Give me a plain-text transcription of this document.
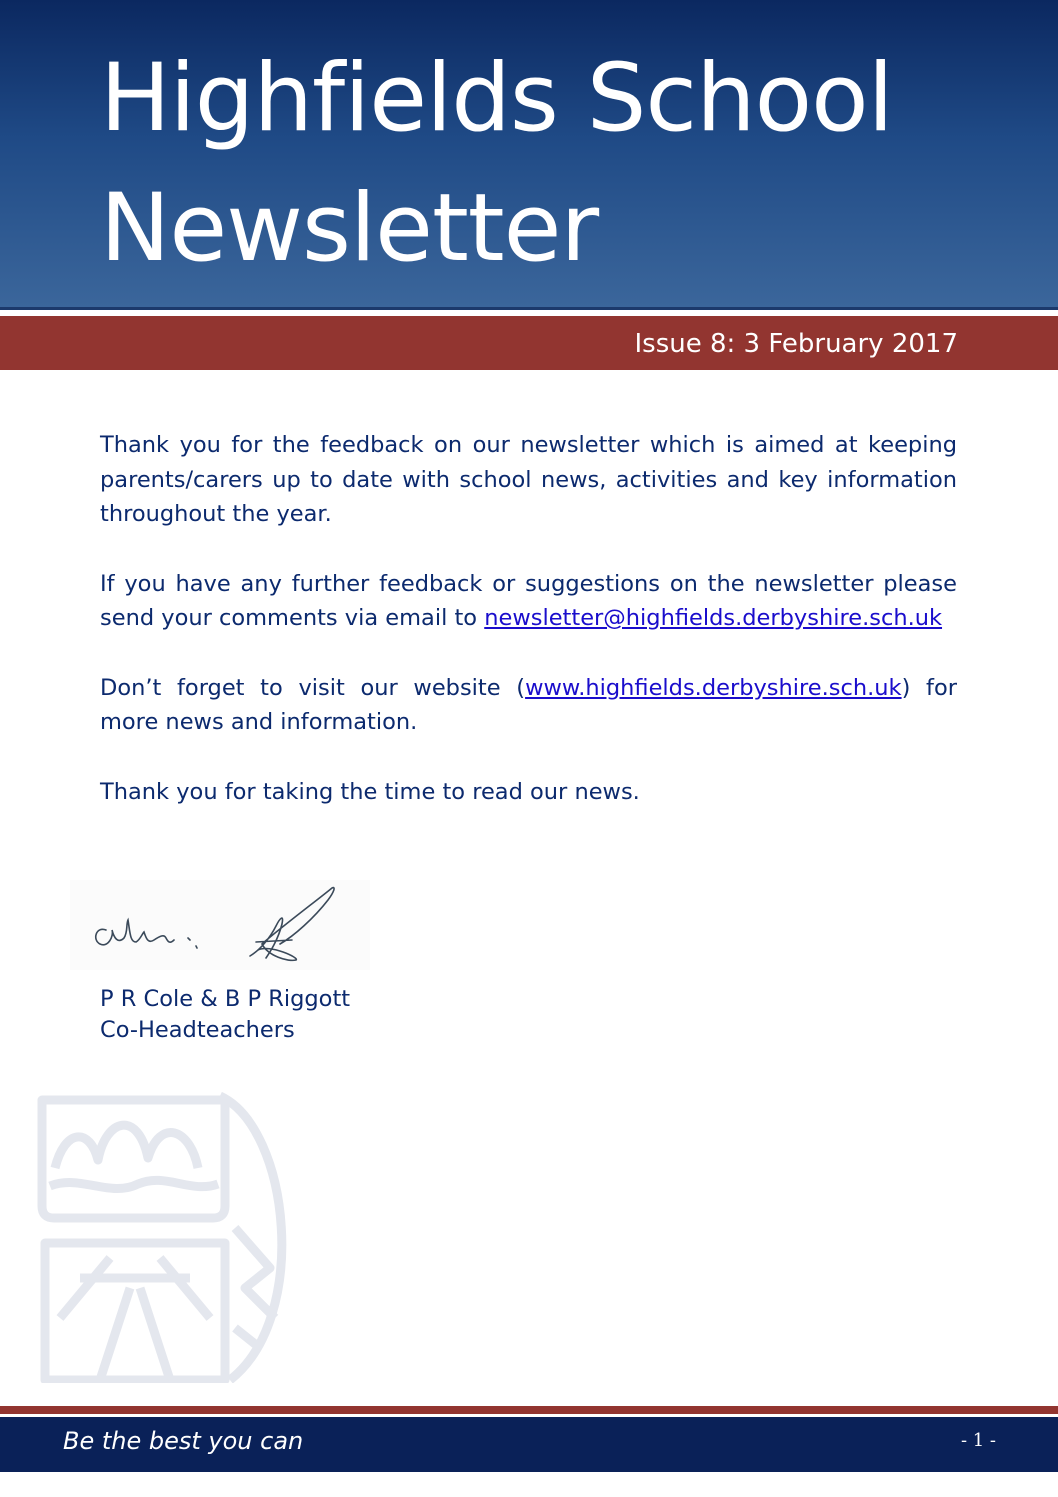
Highfields School
Newsletter
Issue 8: 3 February 2017

Thank you for the feedback on our newsletter which is aimed at keeping parents/carers up to date with school news, activities and key information throughout the year.

If you have any further feedback or suggestions on the newsletter please send your comments via email to newsletter@highfields.derbyshire.sch.uk

Don’t forget to visit our website (www.highfields.derbyshire.sch.uk) for more news and information.

Thank you for taking the time to read our news.

P R Cole & B P Riggott
Co-Headteachers
Be the best you can	- 1 -
